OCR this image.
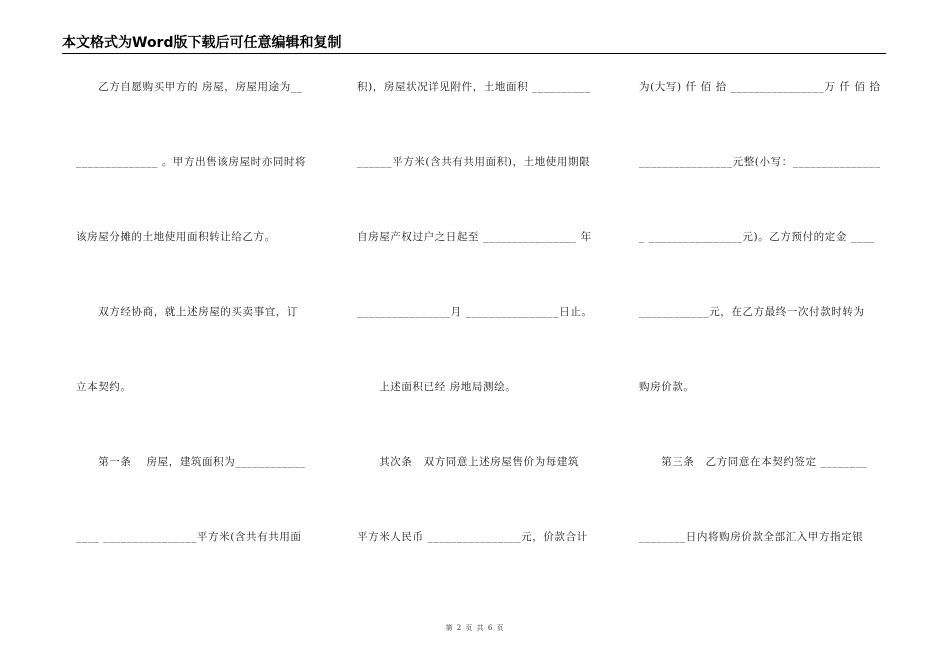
本文格式为Word版下载后可任意编辑和复制
　　乙方自愿购买甲方的 房屋，房屋用途为__
______________ 。甲方出售该房屋时亦同时将
该房屋分摊的土地使用面积转让给乙方。
　　双方经协商，就上述房屋的买卖事宜，订
立本契约。
　　第一条　 房屋，建筑面积为____________
____ ________________平方米(含共有共用面
积)，房屋状况详见附件，土地面积 __________
______平方米(含共有共用面积)，土地使用期限
自房屋产权过户之日起至 ________________ 年
________________月 ________________日止。
　　上述面积已经 房地局测绘。
　　其次条　双方同意上述房屋售价为每建筑
平方米人民币 ________________元，价款合计
为(大写) 仟 佰 拾 ________________万 仟 佰 拾
________________元整(小写：_______________
_ ________________元)。乙方预付的定金 ____
____________元，在乙方最终一次付款时转为
购房价款。
　　第三条　乙方同意在本契约签定 ________
________日内将购房价款全部汇入甲方指定银
第 2 页 共 6 页
